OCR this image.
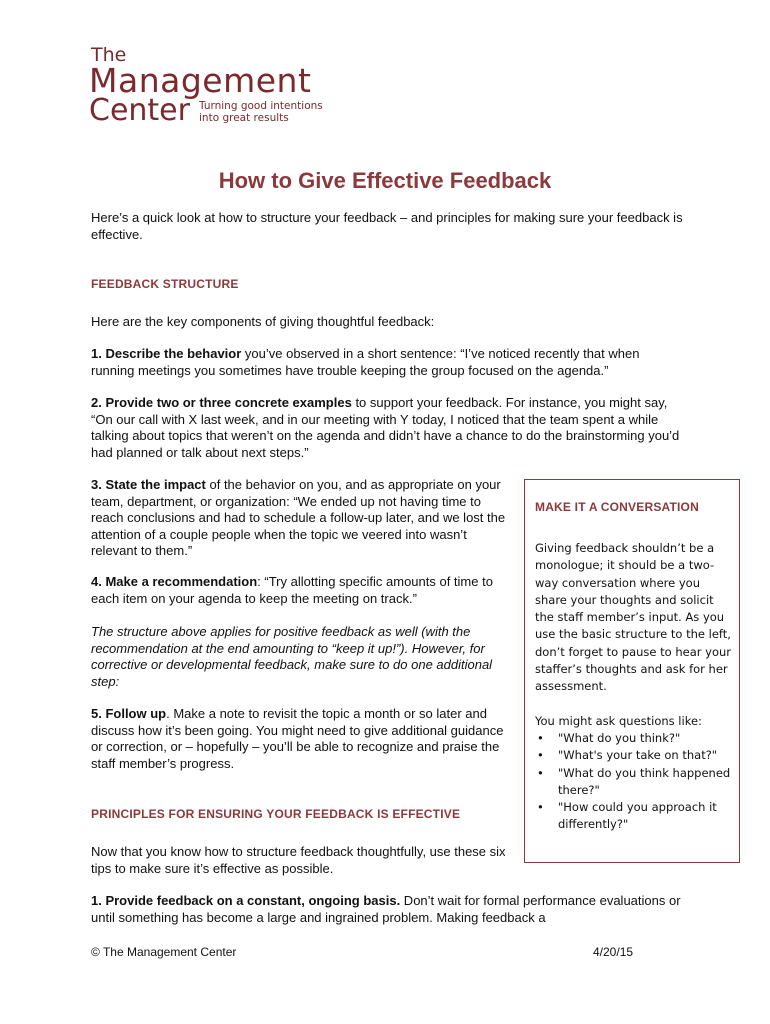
The
Management
Center Turning good intentions into great results
How to Give Effective Feedback

Here’s a quick look at how to structure your feedback – and principles for making sure your feedback is effective.

FEEDBACK STRUCTURE

Here are the key components of giving thoughtful feedback:

1. Describe the behavior you’ve observed in a short sentence: “I’ve noticed recently that when running meetings you sometimes have trouble keeping the group focused on the agenda.”

2. Provide two or three concrete examples to support your feedback. For instance, you might say, “On our call with X last week, and in our meeting with Y today, I noticed that the team spent a while talking about topics that weren’t on the agenda and didn’t have a chance to do the brainstorming you’d had planned or talk about next steps.”

3. State the impact of the behavior on you, and as appropriate on your team, department, or organization: “We ended up not having time to reach conclusions and had to schedule a follow-up later, and we lost the attention of a couple people when the topic we veered into wasn’t relevant to them.”

4. Make a recommendation: “Try allotting specific amounts of time to each item on your agenda to keep the meeting on track.”

The structure above applies for positive feedback as well (with the recommendation at the end amounting to “keep it up!”). However, for corrective or developmental feedback, make sure to do one additional step:

5. Follow up. Make a note to revisit the topic a month or so later and discuss how it’s been going. You might need to give additional guidance or correction, or – hopefully – you’ll be able to recognize and praise the staff member’s progress.

PRINCIPLES FOR ENSURING YOUR FEEDBACK IS EFFECTIVE

Now that you know how to structure feedback thoughtfully, use these six tips to make sure it’s effective as possible.

1. Provide feedback on a constant, ongoing basis. Don’t wait for formal performance evaluations or until something has become a large and ingrained problem. Making feedback a

MAKE IT A CONVERSATION

Giving feedback shouldn’t be a monologue; it should be a two-way conversation where you share your thoughts and solicit the staff member’s input. As you use the basic structure to the left, don’t forget to pause to hear your staffer’s thoughts and ask for her assessment.

You might ask questions like:

• "What do you think?"
• "What's your take on that?"
• "What do you think happened there?"
• "How could you approach it differently?"
© The Management Center	4/20/15
